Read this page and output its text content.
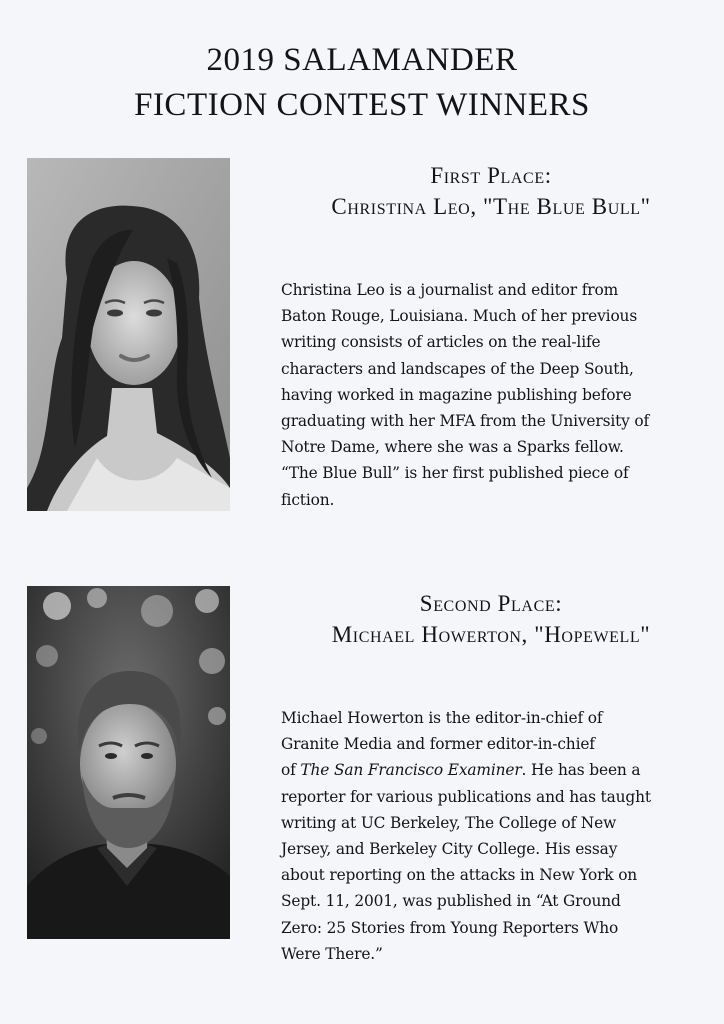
2019 SALAMANDER
FICTION CONTEST WINNERS
First Place:
Christina Leo, "The Blue Bull"

Christina Leo is a journalist and editor from
Baton Rouge, Louisiana. Much of her previous
writing consists of articles on the real-life
characters and landscapes of the Deep South,
having worked in magazine publishing before
graduating with her MFA from the University of
Notre Dame, where she was a Sparks fellow.
“The Blue Bull” is her first published piece of
fiction.

Second Place:
Michael Howerton, "Hopewell"

Michael Howerton is the editor-in-chief of
Granite Media and former editor-in-chief
of The San Francisco Examiner. He has been a
reporter for various publications and has taught
writing at UC Berkeley, The College of New
Jersey, and Berkeley City College. His essay
about reporting on the attacks in New York on
Sept. 11, 2001, was published in “At Ground
Zero: 25 Stories from Young Reporters Who
Were There.”
